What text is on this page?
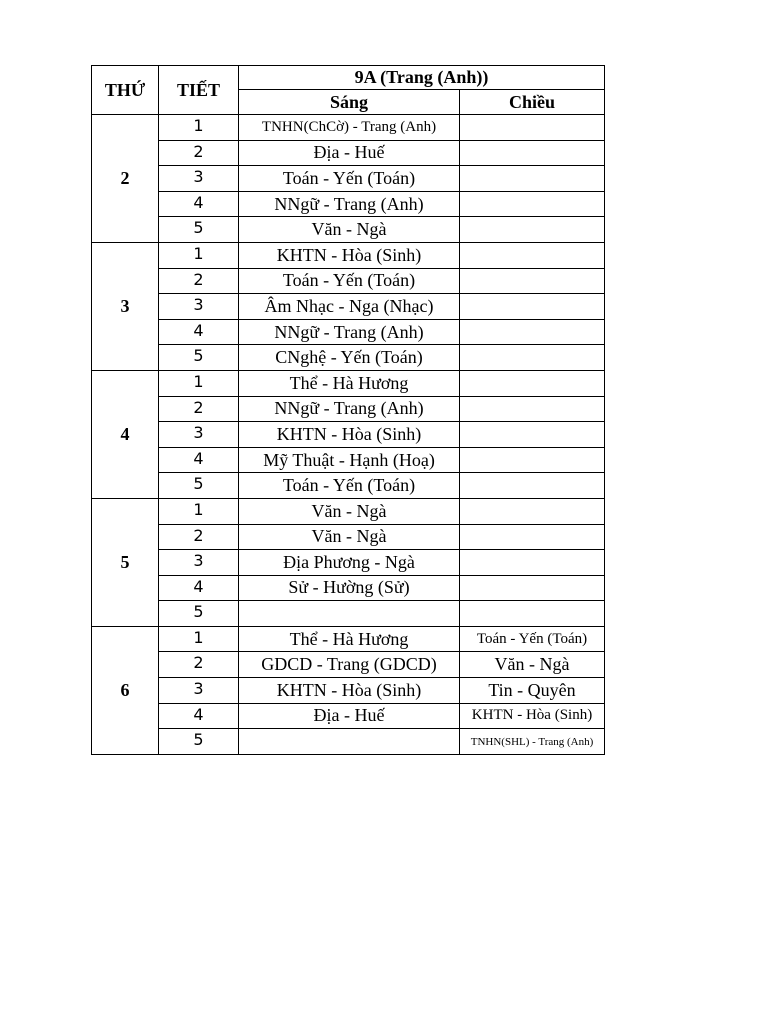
THỨ	TIẾT	9A (Trang (Anh))	
		Sáng	Chiều
2	1	TNHN(ChCờ) - Trang (Anh)	
	2	Địa - Huế	
	3	Toán - Yến (Toán)	
	4	NNgữ - Trang (Anh)	
	5	Văn - Ngà	
3	1	KHTN - Hòa (Sinh)	
	2	Toán - Yến (Toán)	
	3	Âm Nhạc - Nga (Nhạc)	
	4	NNgữ - Trang (Anh)	
	5	CNghệ - Yến (Toán)	
4	1	Thể - Hà Hương	
	2	NNgữ - Trang (Anh)	
	3	KHTN - Hòa (Sinh)	
	4	Mỹ Thuật - Hạnh (Hoạ)	
	5	Toán - Yến (Toán)	
5	1	Văn - Ngà	
	2	Văn - Ngà	
	3	Địa Phương - Ngà	
	4	Sử - Hường (Sử)	
	5		
6	1	Thể - Hà Hương	Toán - Yến (Toán)
	2	GDCD - Trang (GDCD)	Văn - Ngà
	3	KHTN - Hòa (Sinh)	Tin - Quyên
	4	Địa - Huế	KHTN - Hòa (Sinh)
	5		TNHN(SHL) - Trang (Anh)
